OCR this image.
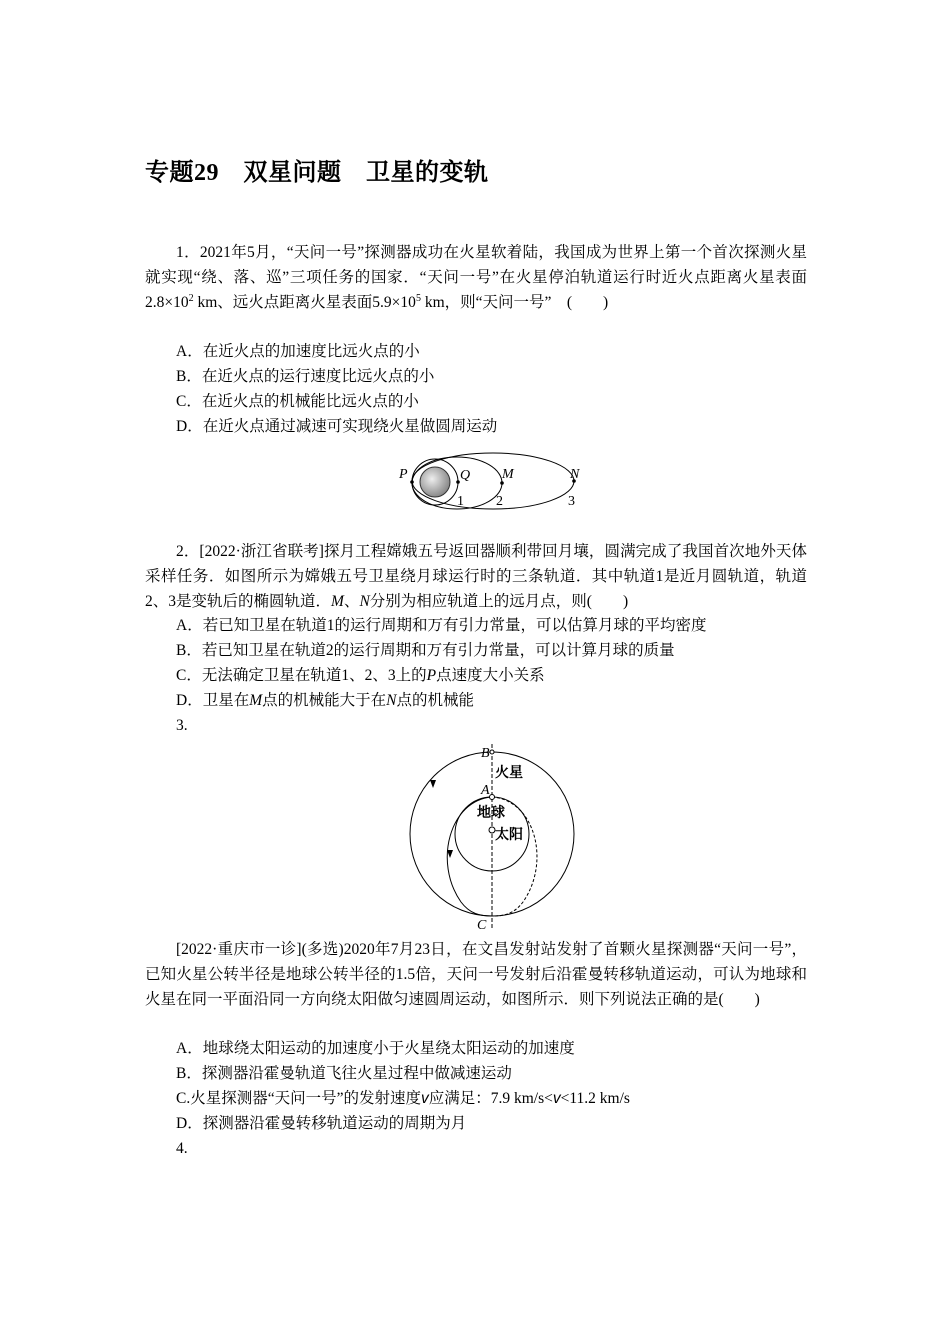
专题29　双星问题　卫星的变轨
1．2021年5月，“天问一号”探测器成功在火星软着陆，我国成为世界上第一个首次探测火星就实现“绕、落、巡”三项任务的国家．“天问一号”在火星停泊轨道运行时近火点距离火星表面$2.8\times 10^2$ km、远火点距离火星表面$5.9\times 10^5$ km，则“天问一号”　(　　)
A．在近火点的加速度比远火点的小
B．在近火点的运行速度比远火点的小
C．在近火点的机械能比远火点的小
D．在近火点通过减速可实现绕火星做圆周运动
P	Q M	N
1 2	3
2．[2022·浙江省联考]探月工程嫦娥五号返回器顺利带回月壤，圆满完成了我国首次地外天体采样任务．如图所示为嫦娥五号卫星绕月球运行时的三条轨道．其中轨道1是近月圆轨道，轨道2、3是变轨后的椭圆轨道．M、N分别为相应轨道上的远月点，则(　　)
A．若已知卫星在轨道1的运行周期和万有引力常量，可以估算月球的平均密度
B．若已知卫星在轨道2的运行周期和万有引力常量，可以计算月球的质量
C．无法确定卫星在轨道1、2、3上的P点速度大小关系
D．卫星在M点的机械能大于在N点的机械能
3.
B
火星
A
地球
太阳
C
[2022·重庆市一诊](多选)2020年7月23日，在文昌发射站发射了首颗火星探测器“天问一号”，已知火星公转半径是地球公转半径的1.5倍，天问一号发射后沿霍曼转移轨道运动，可认为地球和火星在同一平面沿同一方向绕太阳做匀速圆周运动，如图所示．则下列说法正确的是(　　)
A．地球绕太阳运动的加速度小于火星绕太阳运动的加速度
B．探测器沿霍曼轨道飞往火星过程中做减速运动
C.火星探测器“天问一号”的发射速度v应满足：7.9 km/s<v<11.2 km/s
D．探测器沿霍曼转移轨道运动的周期为月
4.
